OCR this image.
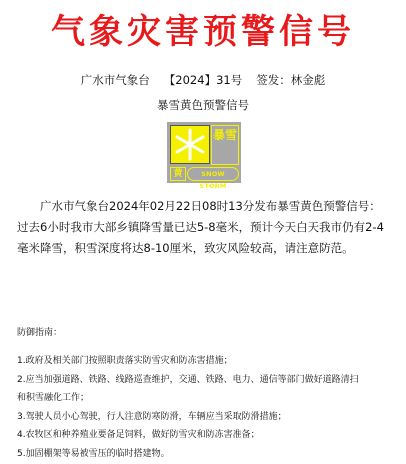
气象灾害预警信号
广水市气象台 【2024】31号 签发：林金彪
暴雪黄色预警信号
暴雪
黄	SNOW STORM
广水市气象台2024年02月22日08时13分发布暴雪黄色预警信号：过去6小时我市大部乡镇降雪量已达5-8毫米，预计今天白天我市仍有2-4毫米降雪，积雪深度将达8-10厘米，致灾风险较高，请注意防范。
防御指南：
1.政府及相关部门按照职责落实防雪灾和防冻害措施；
2.应当加强道路、铁路、线路巡查维护，交通、铁路、电力、通信等部门做好道路清扫
和积雪融化工作；
3.驾驶人员小心驾驶，行人注意防寒防滑，车辆应当采取防滑措施；
4.农牧区和种养殖业要备足饲料，做好防雪灾和防冻害准备；
5.加固棚架等易被雪压的临时搭建物。
